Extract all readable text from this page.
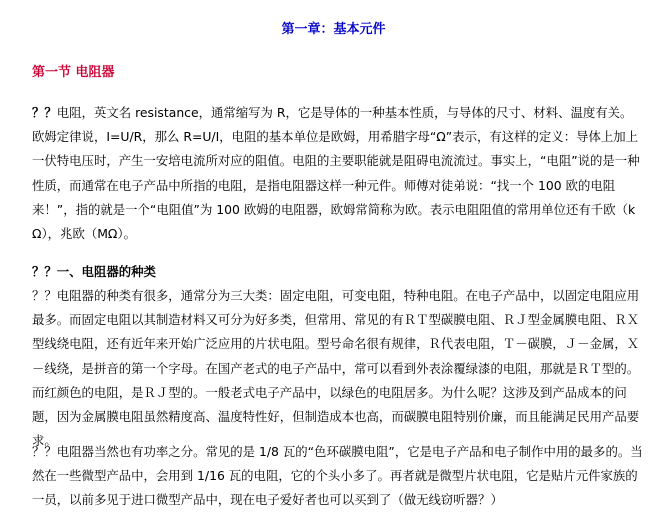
第一章：基本元件
第一节 电阻器

？？电阻，英文名 resistance，通常缩写为 R，它是导体的一种基本性质，与导体的尺寸、材料、温度有关。欧姆定律说，I=U/R，那么 R=U/I，电阻的基本单位是欧姆，用希腊字母“Ω”表示，有这样的定义：导体上加上一伏特电压时，产生一安培电流所对应的阻值。电阻的主要职能就是阻碍电流流过。事实上，“电阻”说的是一种性质，而通常在电子产品中所指的电阻，是指电阻器这样一种元件。师傅对徒弟说：“找一个 100 欧的电阻来！”，指的就是一个“电阻值”为 100 欧姆的电阻器，欧姆常简称为欧。表示电阻阻值的常用单位还有千欧（kΩ），兆欧（MΩ）。

？？一、电阻器的种类

？？电阻器的种类有很多，通常分为三大类：固定电阻，可变电阻，特种电阻。在电子产品中，以固定电阻应用最多。而固定电阻以其制造材料又可分为好多类，但常用、常见的有ＲＴ型碳膜电阻、ＲＪ型金属膜电阻、ＲＸ型线绕电阻，还有近年来开始广泛应用的片状电阻。型号命名很有规律，Ｒ代表电阻，Ｔ－碳膜，Ｊ－金属，Ｘ－线绕，是拼音的第一个字母。在国产老式的电子产品中，常可以看到外表涂覆绿漆的电阻，那就是ＲＴ型的。而红颜色的电阻，是ＲＪ型的。一般老式电子产品中，以绿色的电阻居多。为什么呢？这涉及到产品成本的问题，因为金属膜电阻虽然精度高、温度特性好，但制造成本也高，而碳膜电阻特别价廉，而且能满足民用产品要求。

？？电阻器当然也有功率之分。常见的是 1/8 瓦的“色环碳膜电阻”，它是电子产品和电子制作中用的最多的。当然在一些微型产品中，会用到 1/16 瓦的电阻，它的个头小多了。再者就是微型片状电阻，它是贴片元件家族的一员，以前多见于进口微型产品中，现在电子爱好者也可以买到了（做无线窃听器？）
